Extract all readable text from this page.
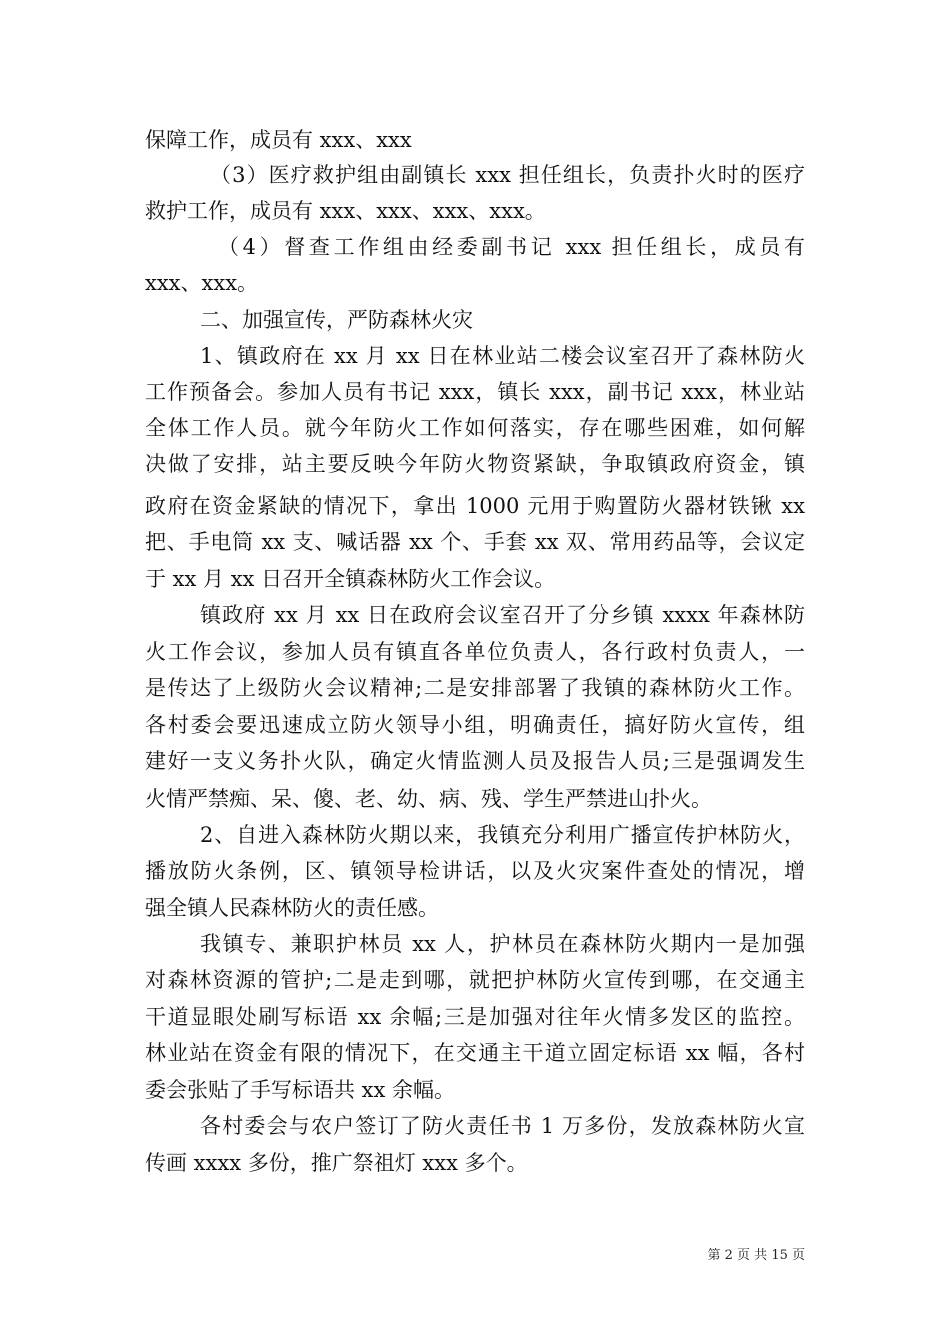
保障工作，成员有 xxx、xxx
（3）医疗救护组由副镇长 xxx 担任组长，负责扑火时的医疗
救护工作，成员有 xxx、xxx、xxx、xxx。
（4）督查工作组由经委副书记 xxx 担任组长，成员有
xxx、xxx。
二、加强宣传，严防森林火灾
1、镇政府在 xx 月 xx 日在林业站二楼会议室召开了森林防火
工作预备会。参加人员有书记 xxx，镇长 xxx，副书记 xxx，林业站
全体工作人员。就今年防火工作如何落实，存在哪些困难，如何解
决做了安排，站主要反映今年防火物资紧缺，争取镇政府资金，镇
政府在资金紧缺的情况下，拿出 1000 元用于购置防火器材铁锹 xx
把、手电筒 xx 支、喊话器 xx 个、手套 xx 双、常用药品等，会议定
于 xx 月 xx 日召开全镇森林防火工作会议。
镇政府 xx 月 xx 日在政府会议室召开了分乡镇 xxxx 年森林防
火工作会议，参加人员有镇直各单位负责人，各行政村负责人，一
是传达了上级防火会议精神;二是安排部署了我镇的森林防火工作。
各村委会要迅速成立防火领导小组，明确责任，搞好防火宣传，组
建好一支义务扑火队，确定火情监测人员及报告人员;三是强调发生
火情严禁痴、呆、傻、老、幼、病、残、学生严禁进山扑火。
2、自进入森林防火期以来，我镇充分利用广播宣传护林防火，
播放防火条例，区、镇领导检讲话，以及火灾案件查处的情况，增
强全镇人民森林防火的责任感。
我镇专、兼职护林员 xx 人，护林员在森林防火期内一是加强
对森林资源的管护;二是走到哪，就把护林防火宣传到哪，在交通主
干道显眼处刷写标语 xx 余幅;三是加强对往年火情多发区的监控。
林业站在资金有限的情况下，在交通主干道立固定标语 xx 幅，各村
委会张贴了手写标语共 xx 余幅。
各村委会与农户签订了防火责任书 1 万多份，发放森林防火宣
传画 xxxx 多份，推广祭祖灯 xxx 多个。
第 2 页 共 15 页
